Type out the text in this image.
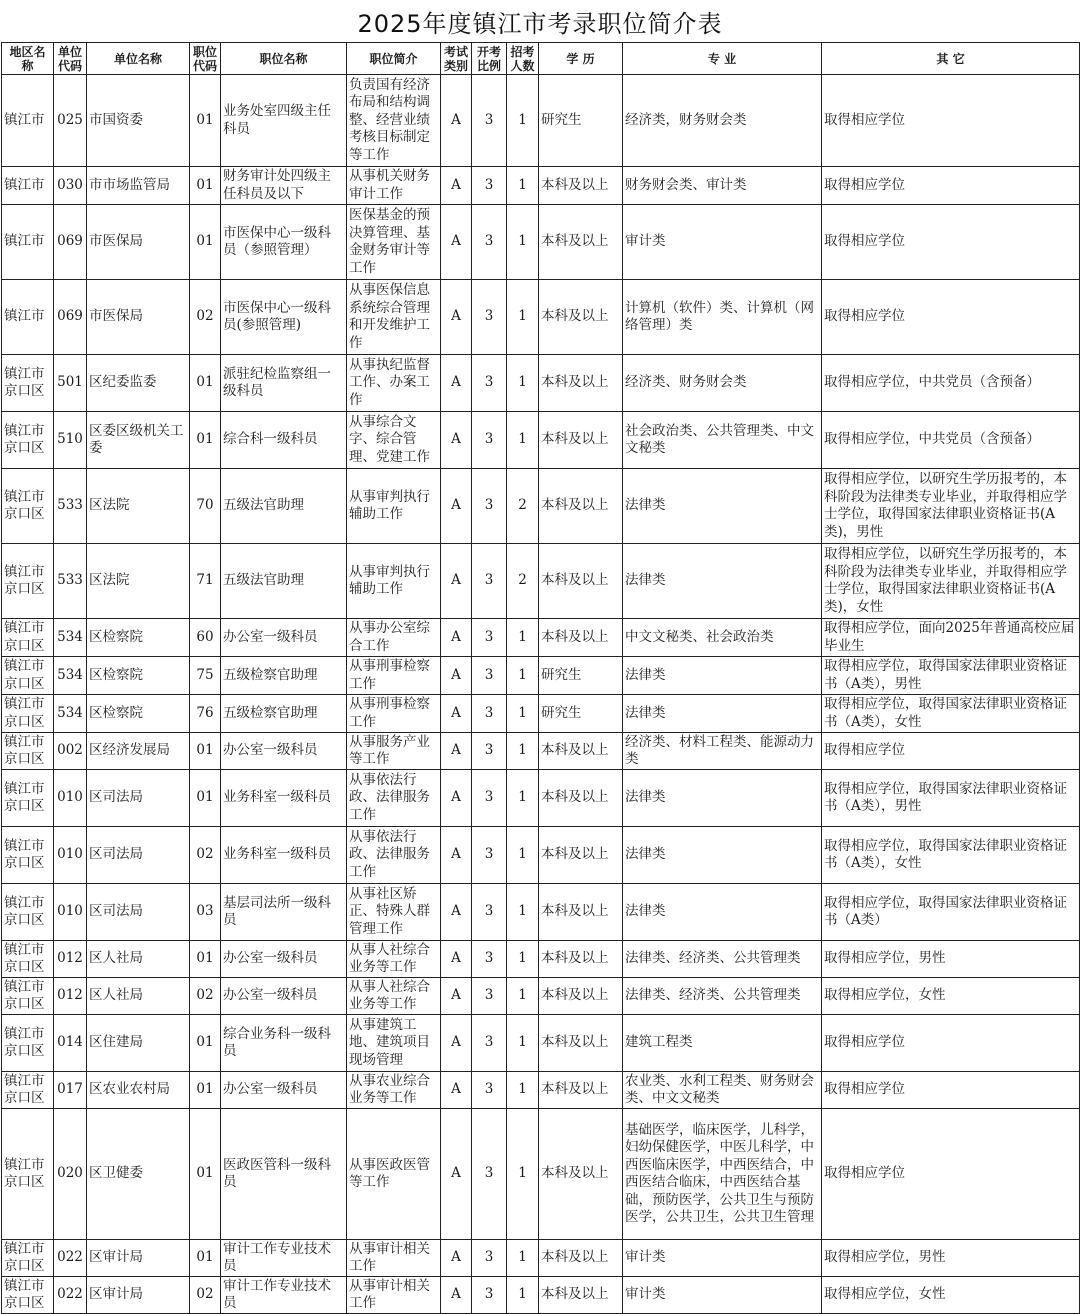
2025年度镇江市考录职位简介表
地区名称	单位代码	单位名称	职位代码	职位名称	职位简介	考试类别	开考比例	招考人数	学 历	专 业	其 它
镇江市	025	市国资委	01	业务处室四级主任科员	负责国有经济布局和结构调整、经营业绩考核目标制定等工作	A	3	1	研究生	经济类，财务财会类	取得相应学位
镇江市	030	市市场监管局	01	财务审计处四级主任科员及以下	从事机关财务审计工作	A	3	1	本科及以上	财务财会类、审计类	取得相应学位
镇江市	069	市医保局	01	市医保中心一级科员（参照管理）	医保基金的预决算管理、基金财务审计等工作	A	3	1	本科及以上	审计类	取得相应学位
镇江市	069	市医保局	02	市医保中心一级科员(参照管理)	从事医保信息系统综合管理和开发维护工作	A	3	1	本科及以上	计算机（软件）类、计算机（网络管理）类	取得相应学位
镇江市京口区	501	区纪委监委	01	派驻纪检监察组一级科员	从事执纪监督工作、办案工作	A	3	1	本科及以上	经济类、财务财会类	取得相应学位，中共党员（含预备）
镇江市京口区	510	区委区级机关工委	01	综合科一级科员	从事综合文字、综合管理、党建工作	A	3	1	本科及以上	社会政治类、公共管理类、中文文秘类	取得相应学位，中共党员（含预备）
镇江市京口区	533	区法院	70	五级法官助理	从事审判执行辅助工作	A	3	2	本科及以上	法律类	取得相应学位，以研究生学历报考的，本科阶段为法律类专业毕业，并取得相应学士学位，取得国家法律职业资格证书(A类)，男性
镇江市京口区	533	区法院	71	五级法官助理	从事审判执行辅助工作	A	3	2	本科及以上	法律类	取得相应学位，以研究生学历报考的，本科阶段为法律类专业毕业，并取得相应学士学位，取得国家法律职业资格证书(A类)，女性
镇江市京口区	534	区检察院	60	办公室一级科员	从事办公室综合工作	A	3	1	本科及以上	中文文秘类、社会政治类	取得相应学位，面向2025年普通高校应届毕业生
镇江市京口区	534	区检察院	75	五级检察官助理	从事刑事检察工作	A	3	1	研究生	法律类	取得相应学位，取得国家法律职业资格证书（A类），男性
镇江市京口区	534	区检察院	76	五级检察官助理	从事刑事检察工作	A	3	1	研究生	法律类	取得相应学位，取得国家法律职业资格证书（A类），女性
镇江市京口区	002	区经济发展局	01	办公室一级科员	从事服务产业等工作	A	3	1	本科及以上	经济类、材料工程类、能源动力类	取得相应学位
镇江市京口区	010	区司法局	01	业务科室一级科员	从事依法行政、法律服务工作	A	3	1	本科及以上	法律类	取得相应学位，取得国家法律职业资格证书（A类），男性
镇江市京口区	010	区司法局	02	业务科室一级科员	从事依法行政、法律服务工作	A	3	1	本科及以上	法律类	取得相应学位，取得国家法律职业资格证书（A类），女性
镇江市京口区	010	区司法局	03	基层司法所一级科员	从事社区矫正、特殊人群管理工作	A	3	1	本科及以上	法律类	取得相应学位，取得国家法律职业资格证书（A类）
镇江市京口区	012	区人社局	01	办公室一级科员	从事人社综合业务等工作	A	3	1	本科及以上	法律类、经济类、公共管理类	取得相应学位，男性
镇江市京口区	012	区人社局	02	办公室一级科员	从事人社综合业务等工作	A	3	1	本科及以上	法律类、经济类、公共管理类	取得相应学位，女性
镇江市京口区	014	区住建局	01	综合业务科一级科员	从事建筑工地、建筑项目现场管理	A	3	1	本科及以上	建筑工程类	取得相应学位
镇江市京口区	017	区农业农村局	01	办公室一级科员	从事农业综合业务等工作	A	3	1	本科及以上	农业类、水利工程类、财务财会类、中文文秘类	取得相应学位
镇江市京口区	020	区卫健委	01	医政医管科一级科员	从事医政医管等工作	A	3	1	本科及以上	基础医学，临床医学，儿科学，妇幼保健医学，中医儿科学，中西医临床医学，中西医结合，中西医结合临床，中西医结合基础，预防医学，公共卫生与预防医学，公共卫生，公共卫生管理	取得相应学位
镇江市京口区	022	区审计局	01	审计工作专业技术员	从事审计相关工作	A	3	1	本科及以上	审计类	取得相应学位，男性
镇江市京口区	022	区审计局	02	审计工作专业技术员	从事审计相关工作	A	3	1	本科及以上	审计类	取得相应学位，女性
